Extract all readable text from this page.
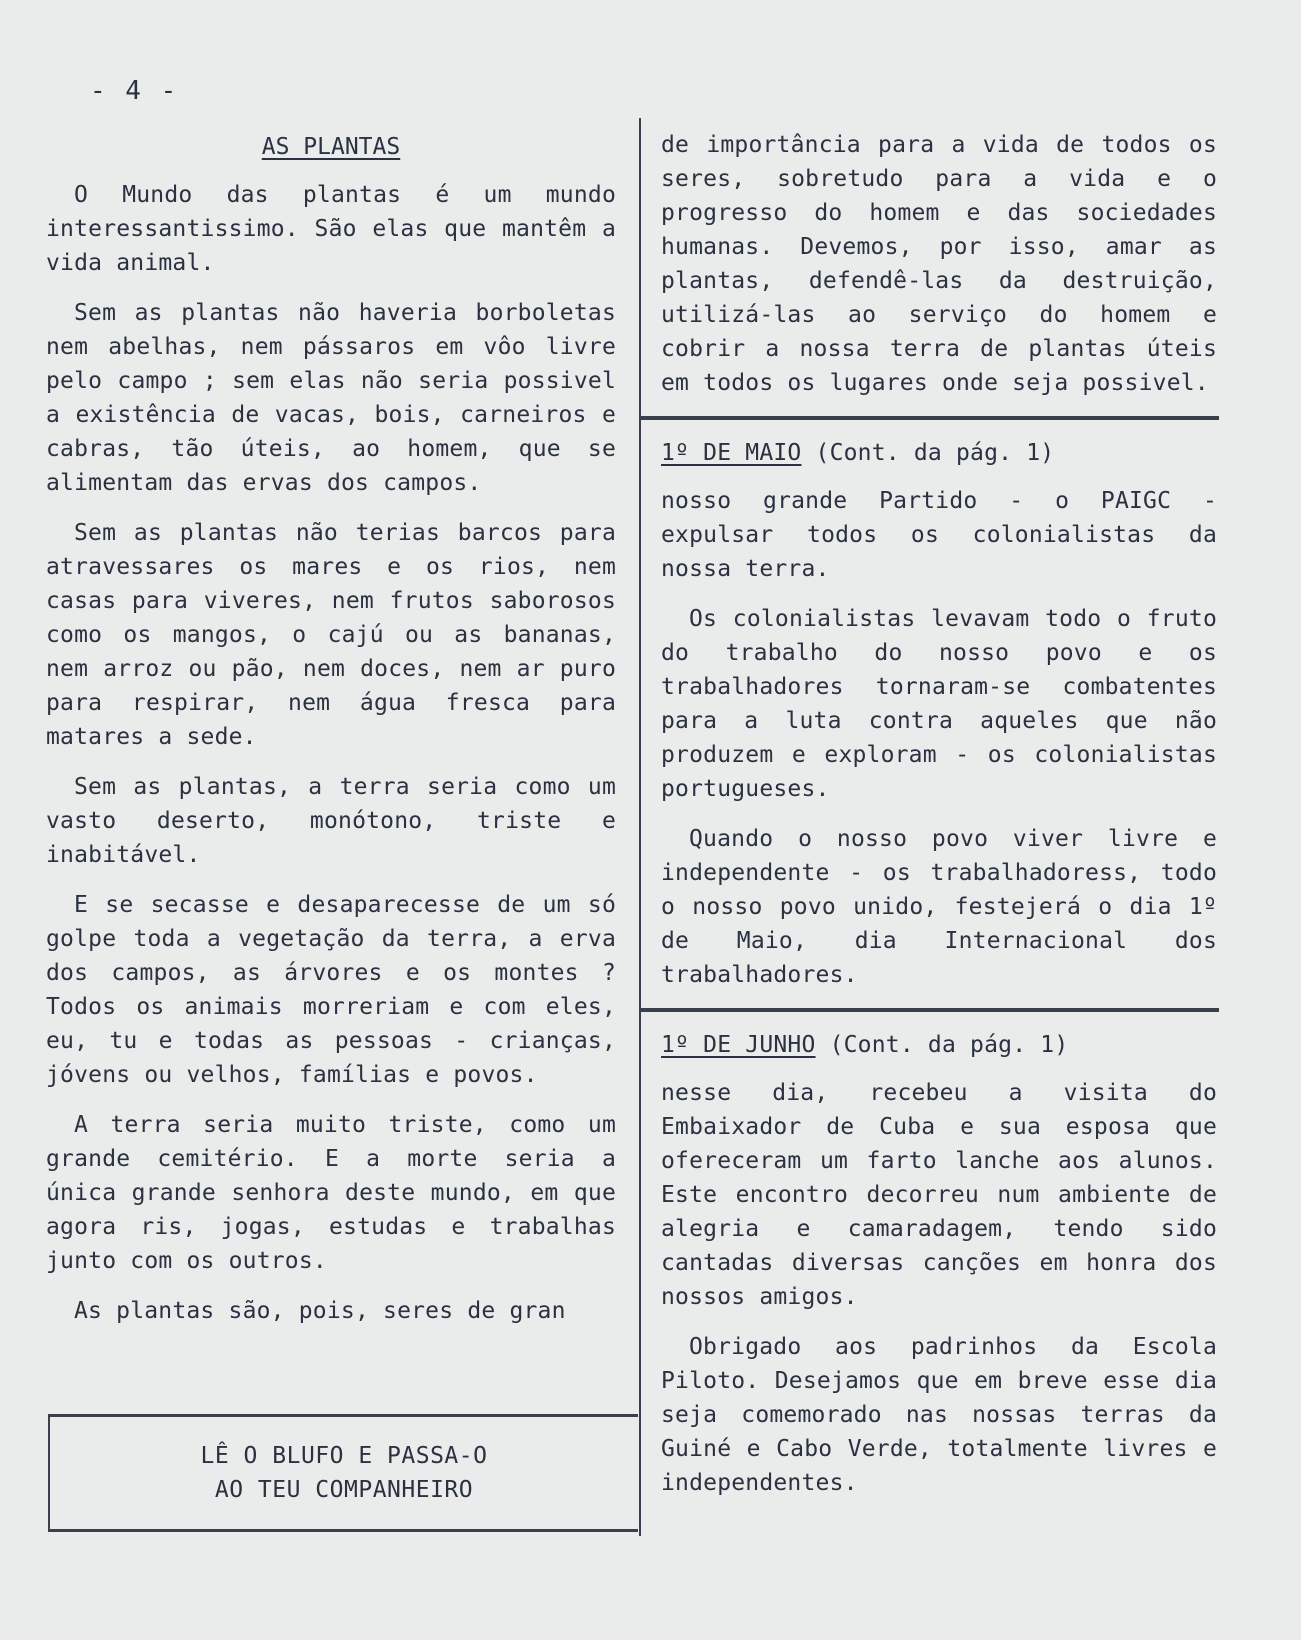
- 4 -
AS PLANTAS

O Mundo das plantas é um mundo interessantissimo. São elas que mantêm a vida animal.

Sem as plantas não haveria borboletas nem abelhas, nem pássaros em vôo livre pelo campo ; sem elas não seria possivel a existência de vacas, bois, carneiros e cabras, tão úteis, ao homem, que se alimentam das ervas dos campos.

Sem as plantas não terias barcos para atravessares os mares e os rios, nem casas para viveres, nem frutos saborosos como os mangos, o cajú ou as bananas, nem arroz ou pão, nem doces, nem ar puro para respirar, nem água fresca para matares a sede.

Sem as plantas, a terra seria como um vasto deserto, monótono, triste e inabitável.

E se secasse e desaparecesse de um só golpe toda a vegetação da terra, a erva dos campos, as árvores e os montes ? Todos os animais morreriam e com eles, eu, tu e todas as pessoas - crianças, jóvens ou velhos, famílias e povos.

A terra seria muito triste, como um grande cemitério. E a morte seria a única grande senhora deste mundo, em que agora ris, jogas, estudas e trabalhas junto com os outros.

As plantas são, pois, seres de gran

LÊ O BLUFO E PASSA-O
AO TEU COMPANHEIRO

de importância para a vida de todos os seres, sobretudo para a vida e o progresso do homem e das sociedades humanas. Devemos, por isso, amar as plantas, defendê-las da destruição, utilizá-las ao serviço do homem e cobrir a nossa terra de plantas úteis em todos os lugares onde seja possivel.

1º DE MAIO (Cont. da pág. 1)

nosso grande Partido - o PAIGC - expulsar todos os colonialistas da nossa terra.

Os colonialistas levavam todo o fruto do trabalho do nosso povo e os trabalhadores tornaram-se combatentes para a luta contra aqueles que não produzem e exploram - os colonialistas portugueses.

Quando o nosso povo viver livre e independente - os trabalhadoress, todo o nosso povo unido, festejerá o dia 1º de Maio, dia Internacional dos trabalhadores.

1º DE JUNHO (Cont. da pág. 1)

nesse dia, recebeu a visita do Embaixador de Cuba e sua esposa que ofereceram um farto lanche aos alunos. Este encontro decorreu num ambiente de alegria e camaradagem, tendo sido cantadas diversas canções em honra dos nossos amigos.

Obrigado aos padrinhos da Escola Piloto. Desejamos que em breve esse dia seja comemorado nas nossas terras da Guiné e Cabo Verde, totalmente livres e independentes.
